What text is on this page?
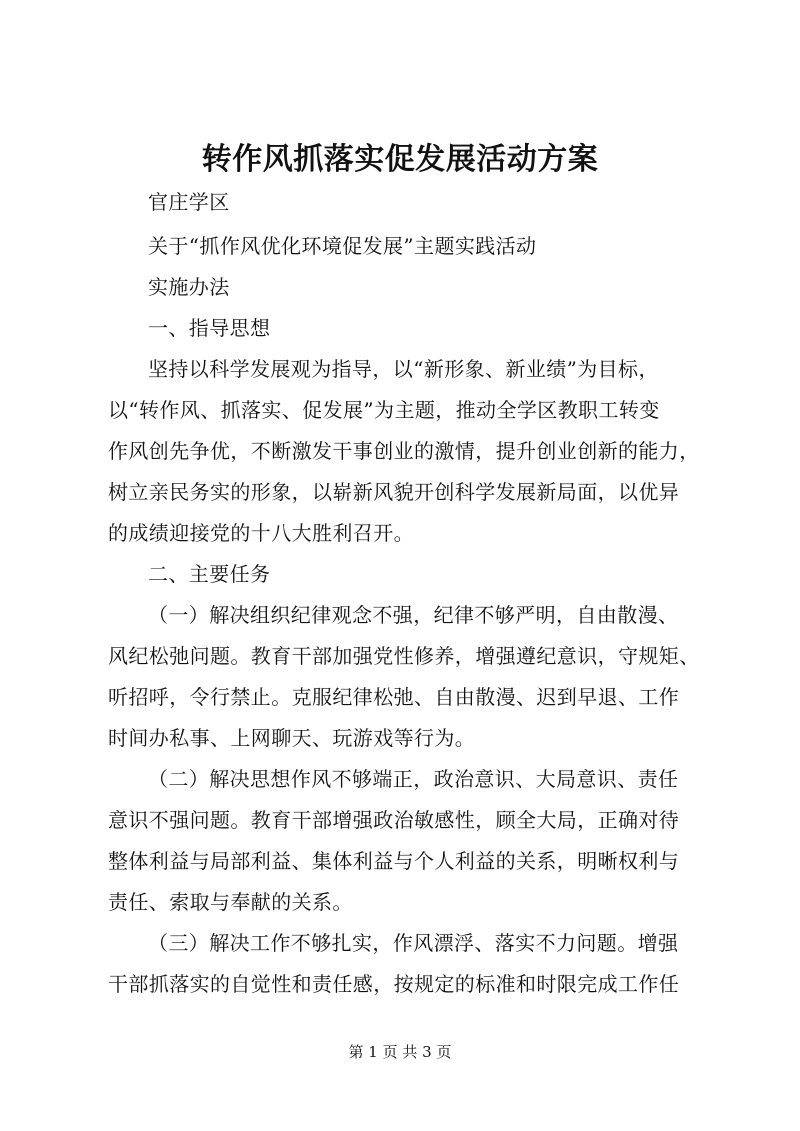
转作风抓落实促发展活动方案
官庄学区
关于“抓作风优化环境促发展”主题实践活动
实施办法
一、指导思想
坚持以科学发展观为指导，以“新形象、新业绩”为目标，
以“转作风、抓落实、促发展”为主题，推动全学区教职工转变
作风创先争优，不断激发干事创业的激情，提升创业创新的能力，
树立亲民务实的形象，以崭新风貌开创科学发展新局面，以优异
的成绩迎接党的十八大胜利召开。
二、主要任务
（一）解决组织纪律观念不强，纪律不够严明，自由散漫、
风纪松弛问题。教育干部加强党性修养，增强遵纪意识，守规矩、
听招呼，令行禁止。克服纪律松弛、自由散漫、迟到早退、工作
时间办私事、上网聊天、玩游戏等行为。
（二）解决思想作风不够端正，政治意识、大局意识、责任
意识不强问题。教育干部增强政治敏感性，顾全大局，正确对待
整体利益与局部利益、集体利益与个人利益的关系，明晰权利与
责任、索取与奉献的关系。
（三）解决工作不够扎实，作风漂浮、落实不力问题。增强
干部抓落实的自觉性和责任感，按规定的标准和时限完成工作任
第 1 页 共 3 页
